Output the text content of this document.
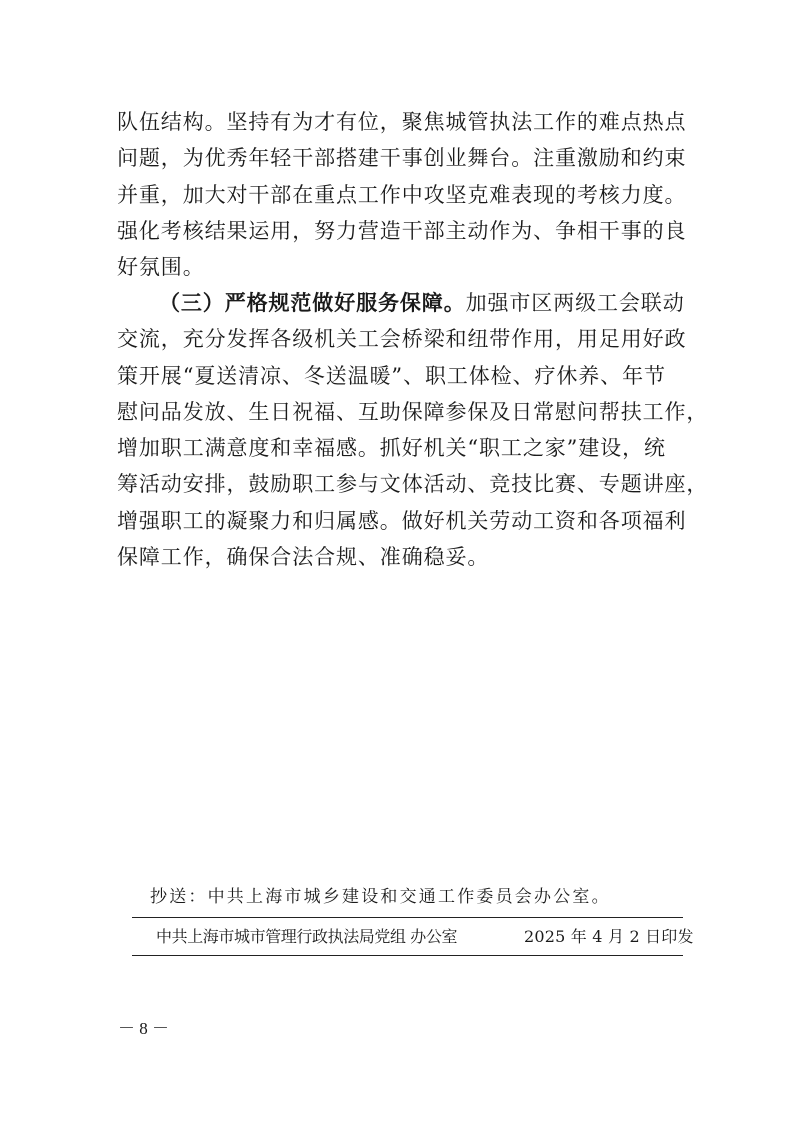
队伍结构。坚持有为才有位，聚焦城管执法工作的难点热点
问题，为优秀年轻干部搭建干事创业舞台。注重激励和约束
并重，加大对干部在重点工作中攻坚克难表现的考核力度。
强化考核结果运用，努力营造干部主动作为、争相干事的良
好氛围。
（三）严格规范做好服务保障。加强市区两级工会联动
交流，充分发挥各级机关工会桥梁和纽带作用，用足用好政
策开展“夏送清凉、冬送温暖”、职工体检、疗休养、年节
慰问品发放、生日祝福、互助保障参保及日常慰问帮扶工作，
增加职工满意度和幸福感。抓好机关“职工之家”建设，统
筹活动安排，鼓励职工参与文体活动、竞技比赛、专题讲座，
增强职工的凝聚力和归属感。做好机关劳动工资和各项福利
保障工作，确保合法合规、准确稳妥。
抄送：中共上海市城乡建设和交通工作委员会办公室。
中共上海市城市管理行政执法局党组 办公室	2025 年 4 月 2 日印发
－ 8 －
